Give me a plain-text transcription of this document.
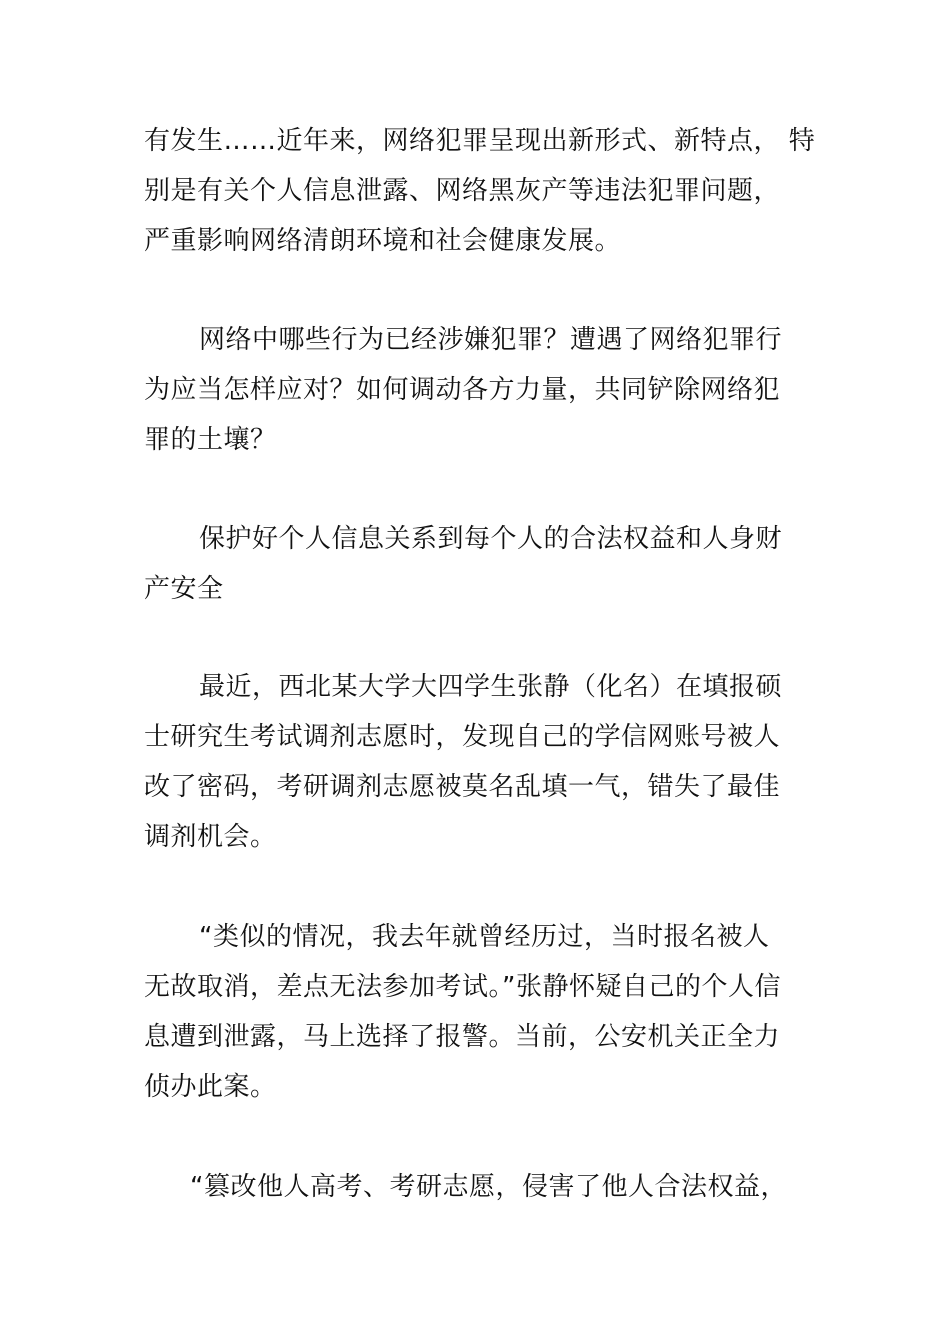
有发生……近年来，网络犯罪呈现出新形式、新特点， 特
别是有关个人信息泄露、网络黑灰产等违法犯罪问题，
严重影响网络清朗环境和社会健康发展。
网络中哪些行为已经涉嫌犯罪？遭遇了网络犯罪行
为应当怎样应对？如何调动各方力量，共同铲除网络犯
罪的土壤？
保护好个人信息关系到每个人的合法权益和人身财
产安全
最近，西北某大学大四学生张静（化名）在填报硕
士研究生考试调剂志愿时，发现自己的学信网账号被人
改了密码，考研调剂志愿被莫名乱填一气，错失了最佳
调剂机会。
“类似的情况，我去年就曾经历过，当时报名被人
无故取消，差点无法参加考试。”张静怀疑自己的个人信
息遭到泄露，马上选择了报警。当前，公安机关正全力
侦办此案。
“篡改他人高考、考研志愿，侵害了他人合法权益，
